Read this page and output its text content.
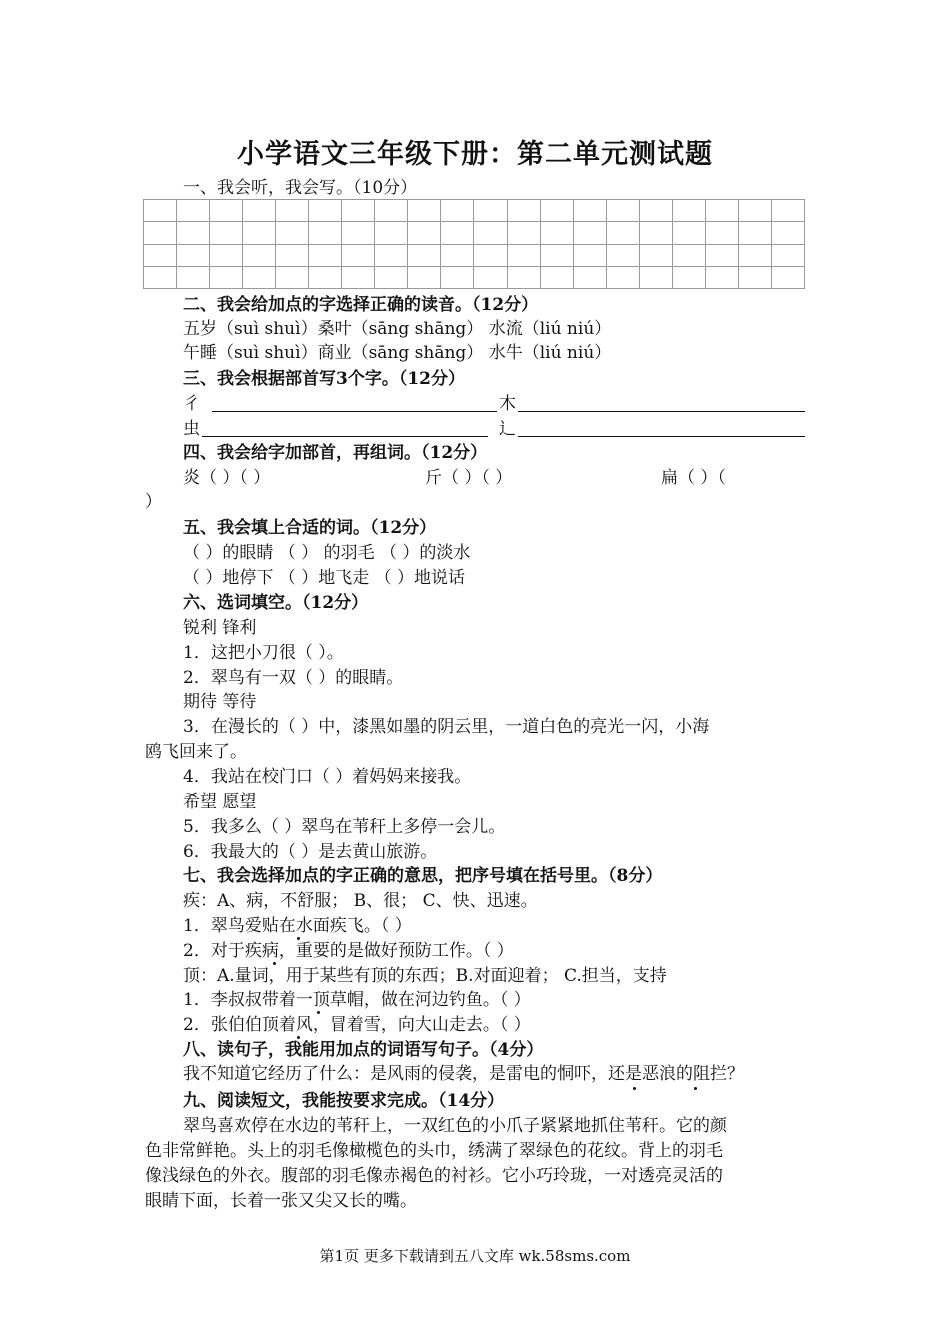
小学语文三年级下册：第二单元测试题
一、我会听，我会写。（10分）

二、我会给加点的字选择正确的读音。（12分）
五岁（suì shuì）桑叶（sāng shāng） 水流（liú niú）
午睡（suì shuì）商业（sāng shāng） 水牛（liú niú）
三、我会根据部首写3个字。（12分）
彳	木
虫	辶
四、我会给字加部首，再组词。（12分）
炎（ ）（ ）	斤（ ）（ ）	扁（ ）（
）
五、我会填上合适的词。（12分）
（ ）的眼睛 （ ） 的羽毛 （ ）的淡水
（ ）地停下 （ ）地飞走 （ ）地说话
六、选词填空。（12分）
锐利 锋利
1．这把小刀很（ ）。
2．翠鸟有一双（ ）的眼睛。
期待 等待
3．在漫长的（ ）中，漆黑如墨的阴云里，一道白色的亮光一闪，小海
鸥飞回来了。
4．我站在校门口（ ）着妈妈来接我。
希望 愿望
5．我多么（ ）翠鸟在苇秆上多停一会儿。
6．我最大的（ ）是去黄山旅游。
七、我会选择加点的字正确的意思，把序号填在括号里。（8分）
疾：A、病，不舒服； B、很； C、快、迅速。
1．翠鸟爱贴在水面疾飞。（ ）
2．对于疾病，重要的是做好预防工作。（ ）
顶：A.量词，用于某些有顶的东西；B.对面迎着； C.担当，支持
1．李叔叔带着一顶草帽，做在河边钓鱼。（ ）
2．张伯伯顶着风，冒着雪，向大山走去。（ ）
八、读句子，我能用加点的词语写句子。（4分）
我不知道它经历了什么：是风雨的侵袭，是雷电的恫吓，还是恶浪的阻拦？
九、阅读短文，我能按要求完成。（14分）
翠鸟喜欢停在水边的苇秆上，一双红色的小爪子紧紧地抓住苇秆。它的颜
色非常鲜艳。头上的羽毛像橄榄色的头巾，绣满了翠绿色的花纹。背上的羽毛
像浅绿色的外衣。腹部的羽毛像赤褐色的衬衫。它小巧玲珑，一对透亮灵活的
眼睛下面，长着一张又尖又长的嘴。
第1页 更多下载请到五八文库 wk.58sms.com
